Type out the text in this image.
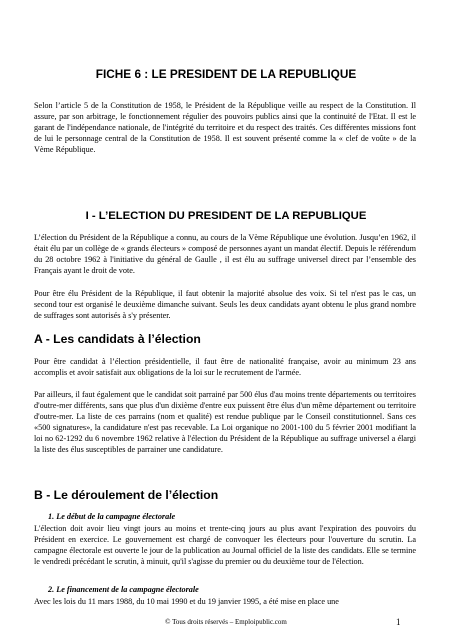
FICHE 6 : LE PRESIDENT DE LA REPUBLIQUE

Selon l’article 5 de la Constitution de 1958, le Président de la République veille au respect de la Constitution. Il assure, par son arbitrage, le fonctionnement régulier des pouvoirs publics ainsi que la continuité de l'Etat. Il est le garant de l'indépendance nationale, de l'intégrité du territoire et du respect des traités. Ces différentes missions font de lui le personnage central de la Constitution de 1958. Il est souvent présenté comme la « clef de voûte » de la Vème République.

I - L’ELECTION DU PRESIDENT DE LA REPUBLIQUE

L’élection du Président de la République a connu, au cours de la Vème République une évolution. Jusqu’en 1962, il était élu par un collège de « grands électeurs » composé de personnes ayant un mandat électif. Depuis le référendum du 28 octobre 1962 à l'initiative du général de Gaulle , il est élu au suffrage universel direct par l’ensemble des Français ayant le droit de vote.

Pour être élu Président de la République, il faut obtenir la majorité absolue des voix. Si tel n'est pas le cas, un second tour est organisé le deuxième dimanche suivant. Seuls les deux candidats ayant obtenu le plus grand nombre de suffrages sont autorisés à s'y présenter.

A - Les candidats à l’élection

Pour être candidat à l’élection présidentielle, il faut être de nationalité française, avoir au minimum 23 ans accomplis et avoir satisfait aux obligations de la loi sur le recrutement de l'armée.

Par ailleurs, il faut également que le candidat soit parrainé par 500 élus d'au moins trente départements ou territoires d'outre-mer différents, sans que plus d'un dixième d'entre eux puissent être élus d'un même département ou territoire d'outre-mer. La liste de ces parrains (nom et qualité) est rendue publique par le Conseil constitutionnel. Sans ces «500 signatures», la candidature n'est pas recevable. La Loi organique no 2001-100 du 5 février 2001 modifiant la loi no 62-1292 du 6 novembre 1962 relative à l'élection du Président de la République au suffrage universel a élargi la liste des élus susceptibles de parrainer une candidature.

B - Le déroulement de l’élection
1. Le début de la campagne électorale

L'élection doit avoir lieu vingt jours au moins et trente-cinq jours au plus avant l'expiration des pouvoirs du Président en exercice. Le gouvernement est chargé de convoquer les électeurs pour l'ouverture du scrutin. La campagne électorale est ouverte le jour de la publication au Journal officiel de la liste des candidats. Elle se termine le vendredi précédant le scrutin, à minuit, qu'il s'agisse du premier ou du deuxième tour de l'élection.

2. Le financement de la campagne électorale

Avec les lois du 11 mars 1988, du 10 mai 1990 et du 19 janvier 1995, a été mise en place une

© Tous droits réservés – Emploipublic.com	1
